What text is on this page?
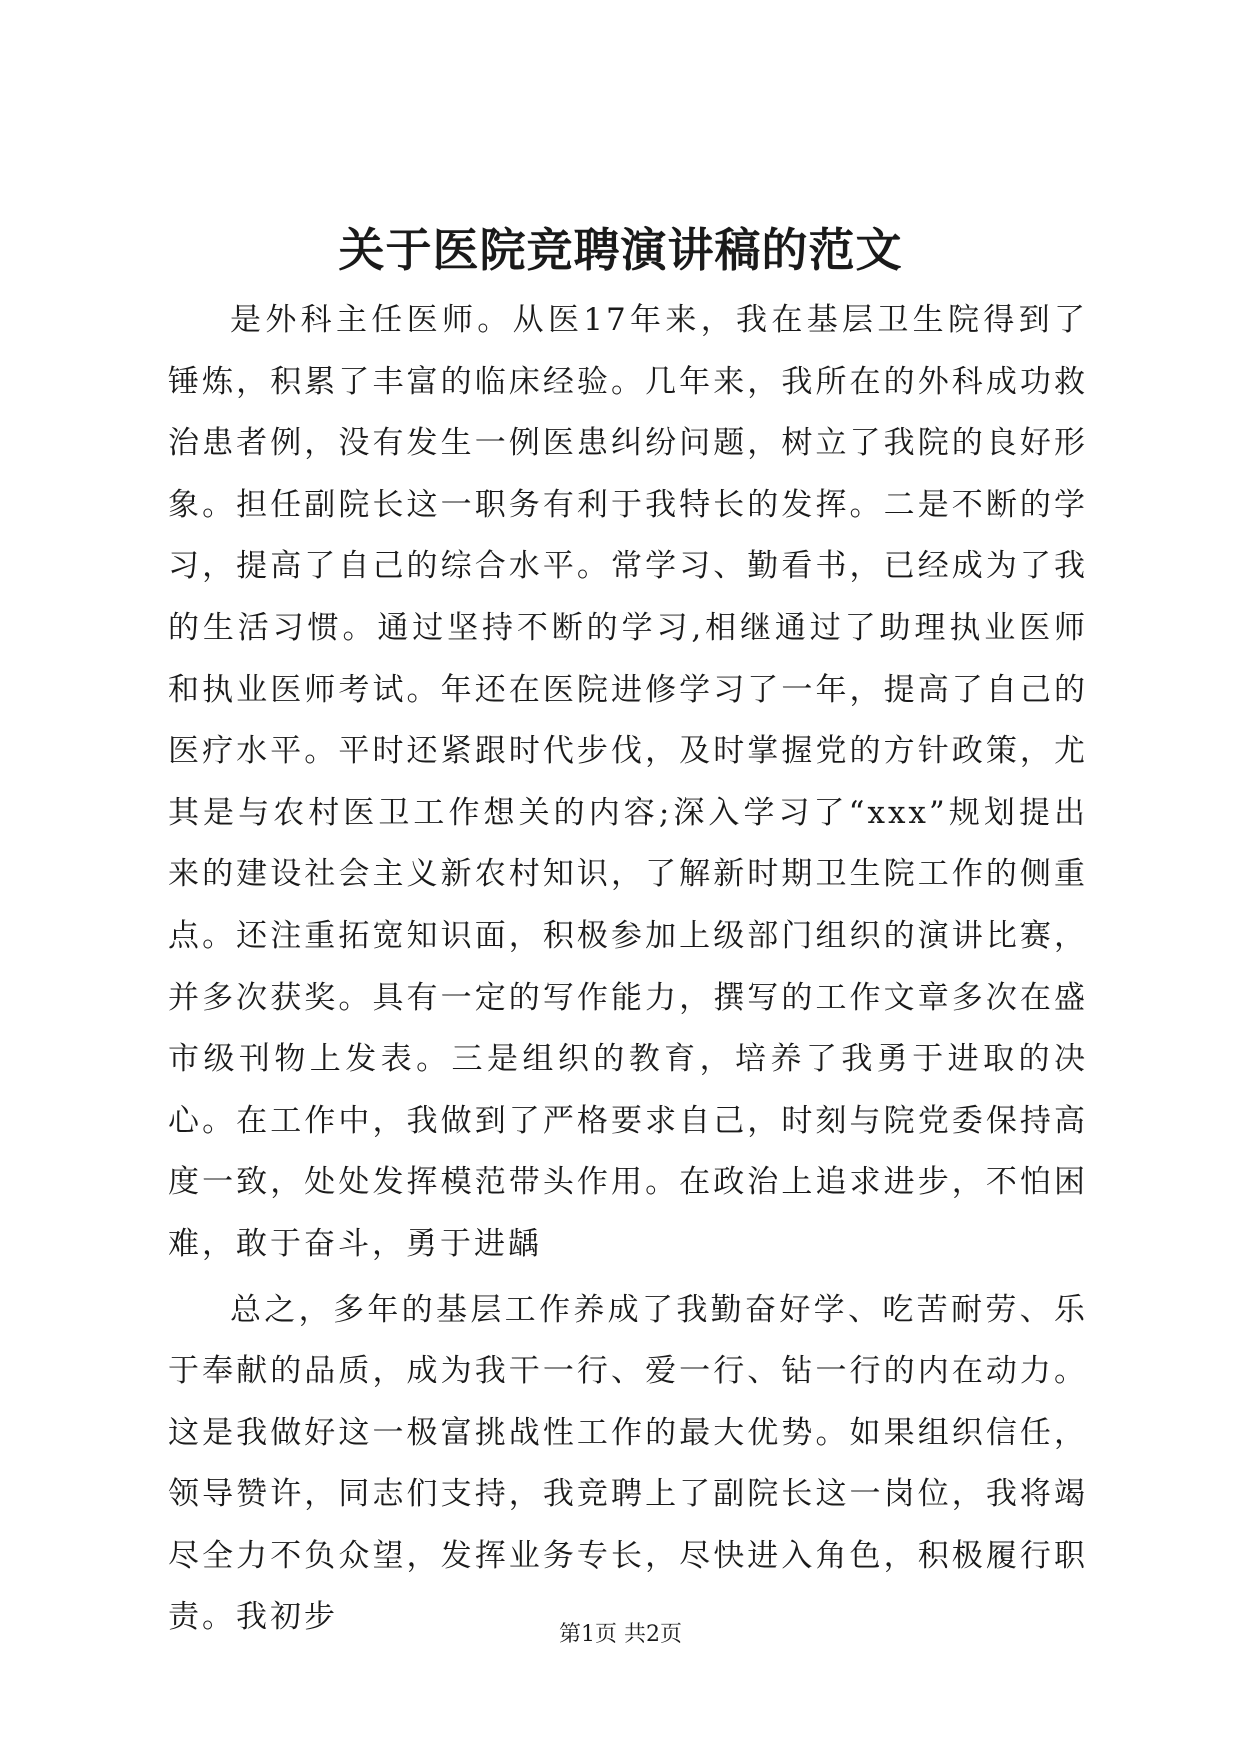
关于医院竞聘演讲稿的范文

是外科主任医师。从医17年来，我在基层卫生院得到了锤炼，积累了丰富的临床经验。几年来，我所在的外科成功救治患者例，没有发生一例医患纠纷问题，树立了我院的良好形象。担任副院长这一职务有利于我特长的发挥。二是不断的学习，提高了自己的综合水平。常学习、勤看书，已经成为了我的生活习惯。通过坚持不断的学习,相继通过了助理执业医师和执业医师考试。年还在医院进修学习了一年，提高了自己的医疗水平。平时还紧跟时代步伐，及时掌握党的方针政策，尤其是与农村医卫工作想关的内容;深入学习了“xxx”规划提出来的建设社会主义新农村知识，了解新时期卫生院工作的侧重点。还注重拓宽知识面，积极参加上级部门组织的演讲比赛，并多次获奖。具有一定的写作能力，撰写的工作文章多次在盛市级刊物上发表。三是组织的教育，培养了我勇于进取的决心。在工作中，我做到了严格要求自己，时刻与院党委保持高度一致，处处发挥模范带头作用。在政治上追求进步，不怕困难，敢于奋斗，勇于进龋

总之，多年的基层工作养成了我勤奋好学、吃苦耐劳、乐于奉献的品质，成为我干一行、爱一行、钻一行的内在动力。这是我做好这一极富挑战性工作的最大优势。如果组织信任，领导赞许，同志们支持，我竞聘上了副院长这一岗位，我将竭尽全力不负众望，发挥业务专长，尽快进入角色，积极履行职责。我初步	第1页 共2页
